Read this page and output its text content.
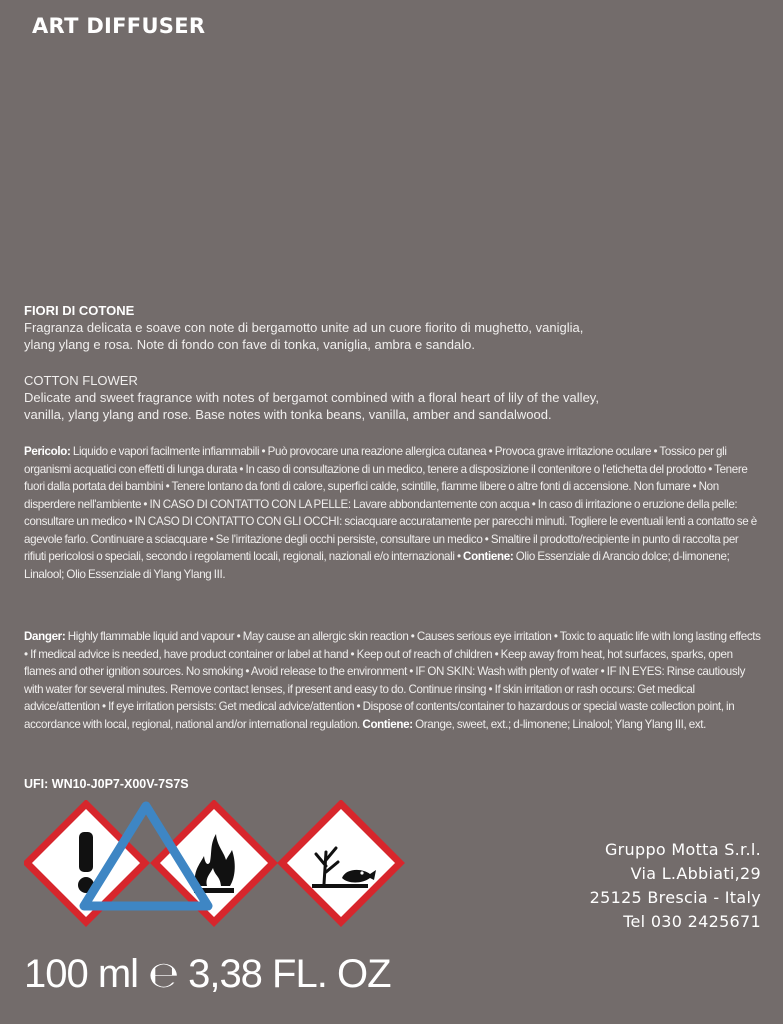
ART DIFFUSER

FIORI DI COTONE

Fragranza delicata e soave con note di bergamotto unite ad un cuore fiorito di mughetto, vaniglia,

ylang ylang e rosa. Note di fondo con fave di tonka, vaniglia, ambra e sandalo.

COTTON FLOWER

Delicate and sweet fragrance with notes of bergamot combined with a floral heart of lily of the valley,

vanilla, ylang ylang and rose. Base notes with tonka beans, vanilla, amber and sandalwood.

Pericolo: Liquido e vapori facilmente infiammabili • Può provocare una reazione allergica cutanea • Provoca grave irritazione oculare • Tossico per gli organismi acquatici con effetti di lunga durata • In caso di consultazione di un medico, tenere a disposizione il contenitore o l'etichetta del prodotto • Tenere fuori dalla portata dei bambini • Tenere lontano da fonti di calore, superfici calde, scintille, fiamme libere o altre fonti di accensione. Non fumare • Non disperdere nell'ambiente • IN CASO DI CONTATTO CON LA PELLE: Lavare abbondantemente con acqua • In caso di irritazione o eruzione della pelle: consultare un medico • IN CASO DI CONTATTO CON GLI OCCHI: sciacquare accuratamente per parecchi minuti. Togliere le eventuali lenti a contatto se è agevole farlo. Continuare a sciacquare • Se l'irritazione degli occhi persiste, consultare un medico • Smaltire il prodotto/recipiente in punto di raccolta per rifiuti pericolosi o speciali, secondo i regolamenti locali, regionali, nazionali e/o internazionali • Contiene: Olio Essenziale di Arancio dolce; d-limonene; Linalool; Olio Essenziale di Ylang Ylang III.

Danger: Highly flammable liquid and vapour • May cause an allergic skin reaction • Causes serious eye irritation • Toxic to aquatic life with long lasting effects • If medical advice is needed, have product container or label at hand • Keep out of reach of children • Keep away from heat, hot surfaces, sparks, open flames and other ignition sources. No smoking • Avoid release to the environment • IF ON SKIN: Wash with plenty of water • IF IN EYES: Rinse cautiously with water for several minutes. Remove contact lenses, if present and easy to do. Continue rinsing • If skin irritation or rash occurs: Get medical advice/attention • If eye irritation persists: Get medical advice/attention • Dispose of contents/container to hazardous or special waste collection point, in accordance with local, regional, national and/or international regulation. Contiene: Orange, sweet, ext.; d-limonene; Linalool; Ylang Ylang III, ext.

UFI: WN10-J0P7-X00V-7S7S
Gruppo Motta S.r.l.
Via L.Abbiati,29
25125 Brescia - Italy
Tel 030 2425671
100 ml ℮ 3,38 FL. OZ
